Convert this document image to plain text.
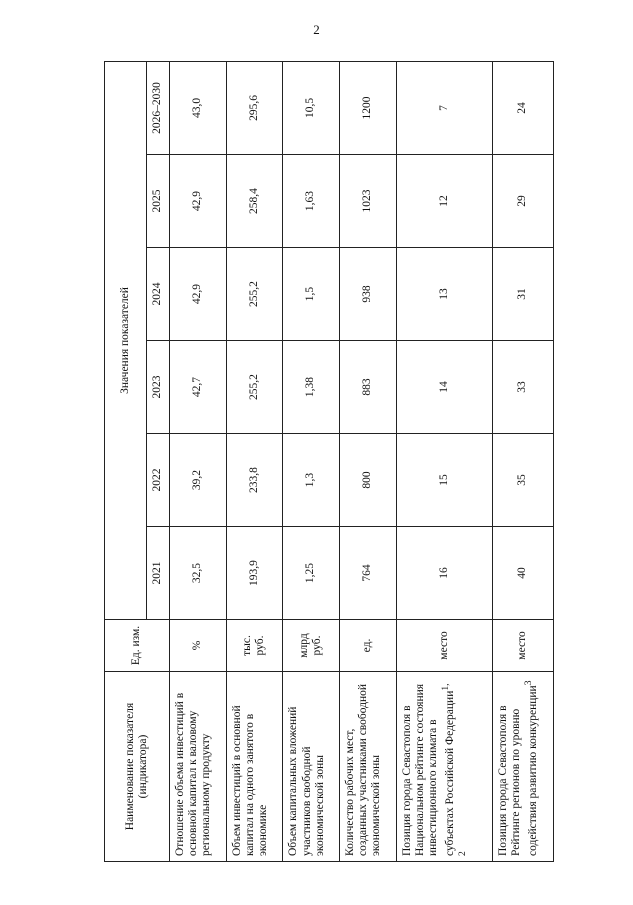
2
Наименование показателя (индикатора)	Ед. изм.	Значения показателей					
		2021	2022	2023	2024	2025	2026–2030
Отношение объема инвестиций в основной капитал к валовому региональному продукту	%	32,5	39,2	42,7	42,9	42,9	43,0
Объем инвестиций в основной капитал на одного занятого в экономике	тыс. руб.	193,9	233,8	255,2	255,2	258,4	295,6
Объем капитальных вложений участников свободной экономической зоны	млрд руб.	1,25	1,3	1,38	1,5	1,63	10,5
Количество рабочих мест, созданных участниками свободной экономической зоны	ед.	764	800	883	938	1023	1200
Позиция города Севастополя в Национальном рейтинге состояния инвестиционного климата в субъектах Российской Федерации$^{1, 2}$	место	16	15	14	13	12	7
Позиция города Севастополя в Рейтинге регионов по уровню содействия развитию конкуренции$^3$	место	40	35	33	31	29	24
